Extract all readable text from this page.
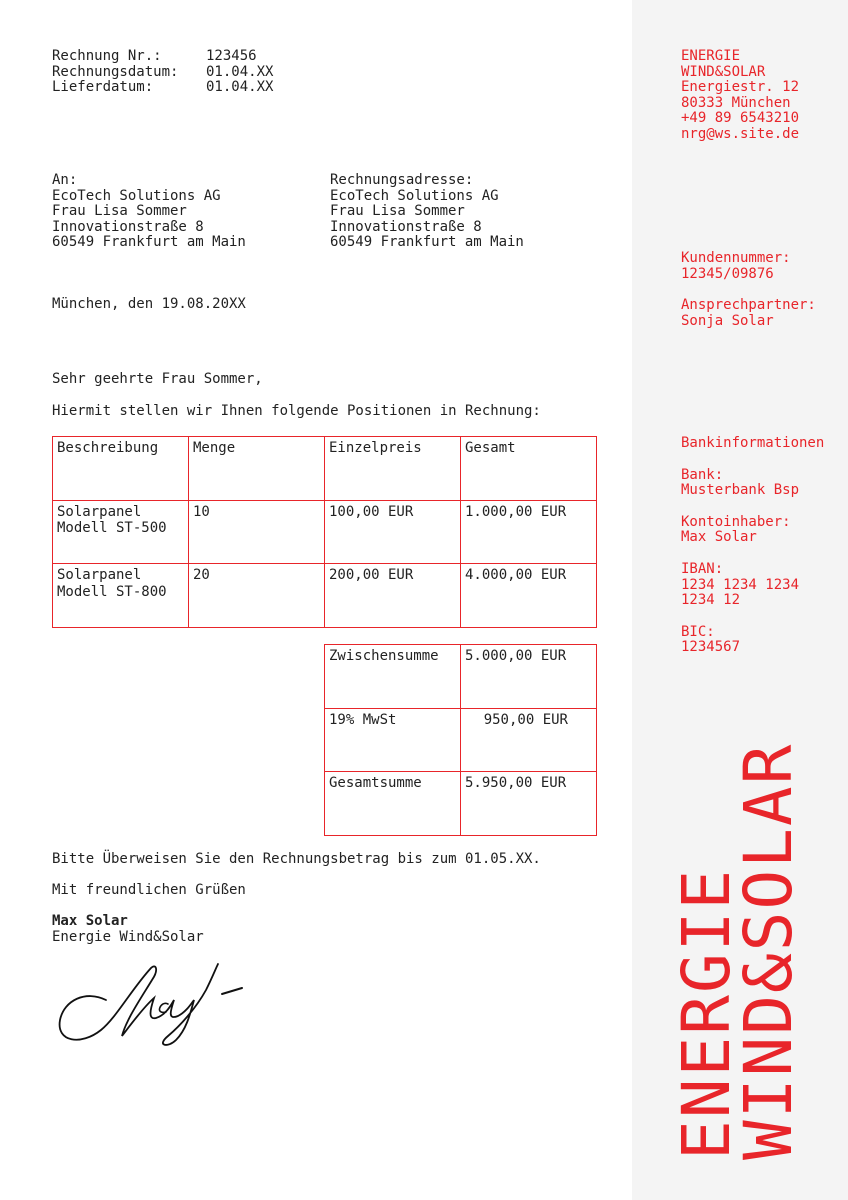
Rechnung Nr.:	123456
Rechnungsdatum:	01.04.XX
Lieferdatum:	01.04.XX
ENERGIE
WIND&SOLAR
Energiestr. 12
80333 München
+49 89 6543210
nrg@ws.site.de
An:
EcoTech Solutions AG
Frau Lisa Sommer
Innovationstraße 8
60549 Frankfurt am Main
Rechnungsadresse:
EcoTech Solutions AG
Frau Lisa Sommer
Innovationstraße 8
60549 Frankfurt am Main
Kundennummer:
12345/09876
Ansprechpartner:
Sonja Solar
München, den 19.08.20XX
Sehr geehrte Frau Sommer,
Hiermit stellen wir Ihnen folgende Positionen in Rechnung:
Beschreibung	Menge	Einzelpreis	Gesamt

Solarpanel
Modell ST-500	10	100,00 EUR	1.000,00 EUR

Solarpanel
Modell ST-800	20	200,00 EUR	4.000,00 EUR
Zwischensumme	5.000,00 EUR
19% MwSt	950,00 EUR
Gesamtsumme	5.950,00 EUR
Bankinformationen
Bank:
Musterbank Bsp
Kontoinhaber:
Max Solar
IBAN:
1234 1234 1234
1234 12
BIC:
1234567
Bitte Überweisen Sie den Rechnungsbetrag bis zum 01.05.XX.
Mit freundlichen Grüßen
Max Solar
Energie Wind&Solar	ENERGIE
WIND&SOLAR
